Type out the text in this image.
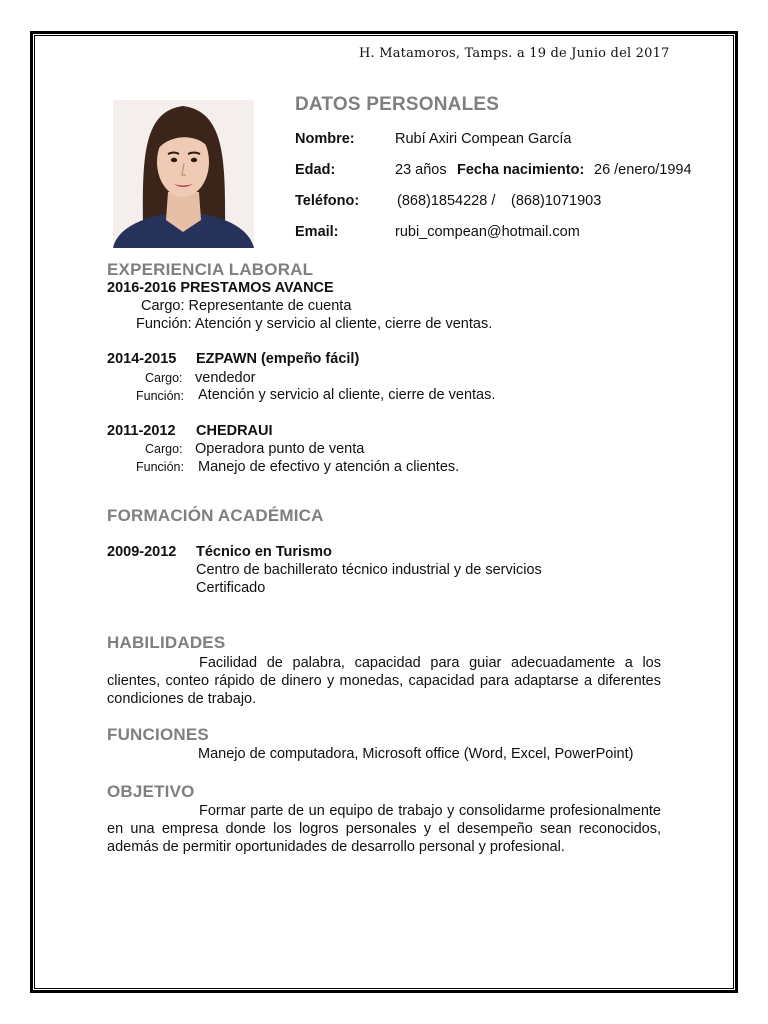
H. Matamoros, Tamps. a 19 de Junio del 2017
DATOS PERSONALES
Nombre:	Rubí Axiri Compean García
Edad:	23 años Fecha nacimiento: 26 /enero/1994
Teléfono:	(868)1854228 / (868)1071903
Email:	rubi_compean@hotmail.com
EXPERIENCIA LABORAL
2016-2016 PRESTAMOS AVANCE
Cargo: Representante de cuenta
Función: Atención y servicio al cliente, cierre de ventas.
2014-2015 EZPAWN (empeño fácil)
Cargo: vendedor
Función: Atención y servicio al cliente, cierre de ventas.
2011-2012 CHEDRAUI
Cargo: Operadora punto de venta
Función: Manejo de efectivo y atención a clientes.
FORMACIÓN ACADÉMICA
2009-2012 Técnico en Turismo
Centro de bachillerato técnico industrial y de servicios
Certificado
HABILIDADES
Facilidad de palabra, capacidad para guiar adecuadamente a los clientes, conteo rápido de dinero y monedas, capacidad para adaptarse a diferentes condiciones de trabajo.
FUNCIONES
Manejo de computadora, Microsoft office (Word, Excel, PowerPoint)
OBJETIVO
Formar parte de un equipo de trabajo y consolidarme profesionalmente en una empresa donde los logros personales y el desempeño sean reconocidos, además de permitir oportunidades de desarrollo personal y profesional.
